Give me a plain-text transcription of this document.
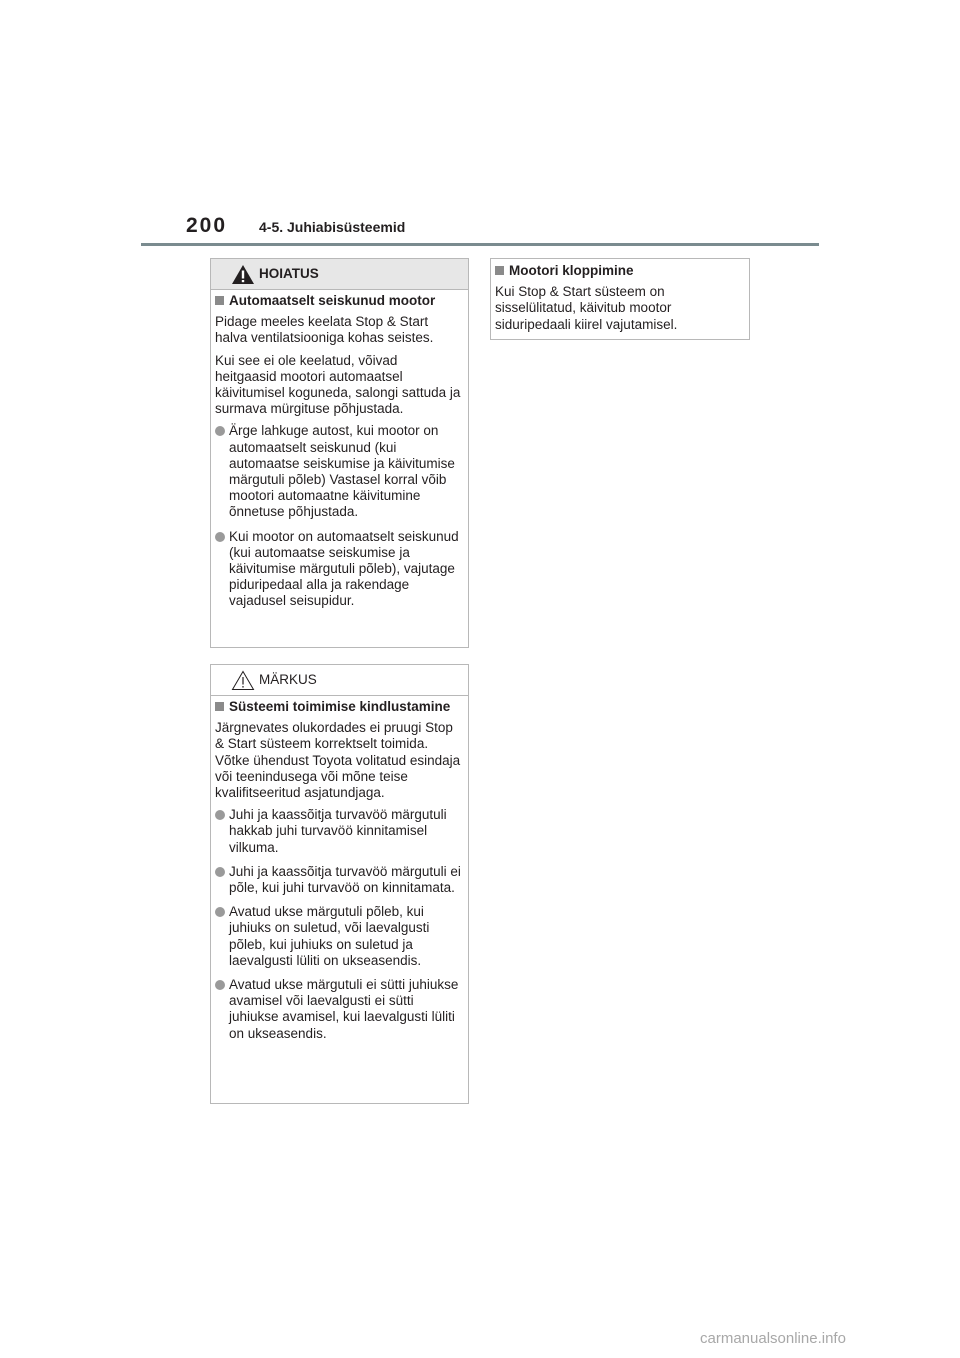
200 4-5. Juhiabisüsteemid
HOIATUS
Automaatselt seiskunud mootor

Pidage meeles keelata Stop & Start halva ventilatsiooniga kohas seistes.

Kui see ei ole keelatud, võivad heitgaasid mootori automaatsel käivitumisel koguneda, salongi sattuda ja surmava mürgituse põhjustada.

Ärge lahkuge autost, kui mootor on automaatselt seiskunud (kui automaatse seiskumise ja käivitumise märgutuli põleb) Vastasel korral võib mootori automaatne käivitumine õnnetuse põhjustada.
Kui mootor on automaatselt seiskunud (kui automaatse seiskumise ja käivitumise märgutuli põleb), vajutage piduripedaal alla ja rakendage vajadusel seisupidur.
MÄRKUS
Süsteemi toimimise kindlustamine

Järgnevates olukordades ei pruugi Stop & Start süsteem korrektselt toimida. Võtke ühendust Toyota volitatud esindaja või teenindusega või mõne teise kvalifitseeritud asjatundjaga.

Juhi ja kaassõitja turvavöö märgutuli hakkab juhi turvavöö kinnitamisel vilkuma.
Juhi ja kaassõitja turvavöö märgutuli ei põle, kui juhi turvavöö on kinnitamata.
Avatud ukse märgutuli põleb, kui juhiuks on suletud, või laevalgusti põleb, kui juhiuks on suletud ja laevalgusti lüliti on ukseasendis.
Avatud ukse märgutuli ei sütti juhiukse avamisel või laevalgusti ei sütti juhiukse avamisel, kui laevalgusti lüliti on ukseasendis.
Mootori kloppimine

Kui Stop & Start süsteem on sisselülitatud, käivitub mootor siduripedaali kiirel vajutamisel.

carmanualsonline.info
